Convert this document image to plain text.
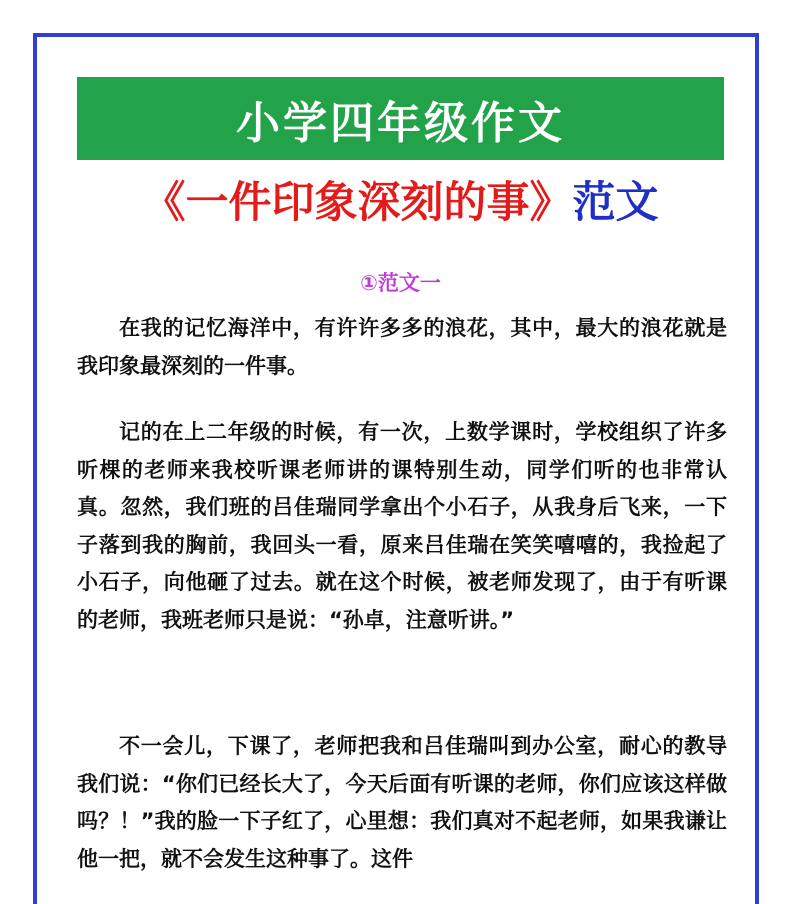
小学四年级作文
《一件印象深刻的事》范文
①范文一

在我的记忆海洋中，有许许多多的浪花，其中，最大的浪花就是我印象最深刻的一件事。

记的在上二年级的时候，有一次，上数学课时，学校组织了许多听棵的老师来我校听课老师讲的课特别生动，同学们听的也非常认真。忽然，我们班的吕佳瑞同学拿出个小石子，从我身后飞来，一下子落到我的胸前，我回头一看，原来吕佳瑞在笑笑嘻嘻的，我捡起了小石子，向他砸了过去。就在这个时候，被老师发现了，由于有听课的老师，我班老师只是说：“孙卓，注意听讲。”

不一会儿，下课了，老师把我和吕佳瑞叫到办公室，耐心的教导我们说：“你们已经长大了，今天后面有听课的老师，你们应该这样做吗？！”我的脸一下子红了，心里想：我们真对不起老师，如果我谦让他一把，就不会发生这种事了。这件
